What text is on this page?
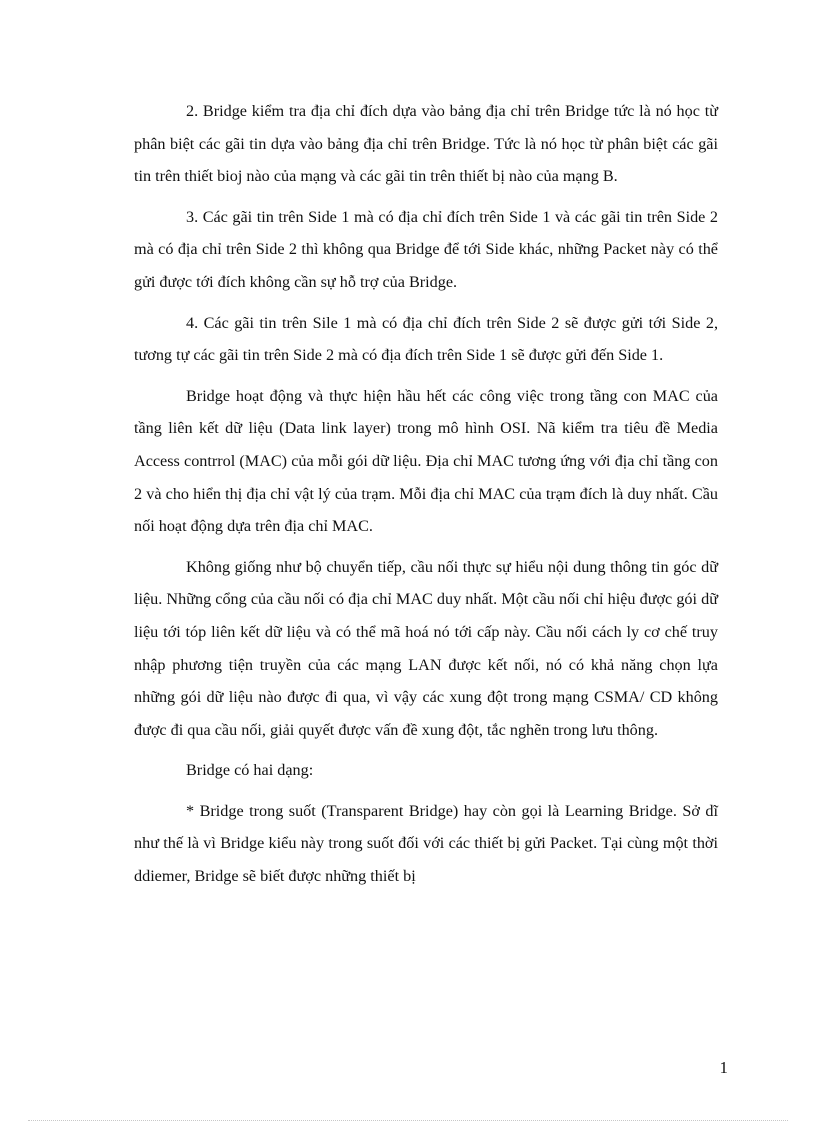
2. Bridge kiểm tra địa chỉ đích dựa vào bảng địa chỉ trên Bridge tức là nó học từ phân biệt các gãi tin dựa vào bảng địa chỉ trên Bridge. Tức là nó học từ phân biệt các gãi tin trên thiết bioj nào của mạng và các gãi tin trên thiết bị nào của mạng B.

3. Các gãi tin trên Side 1 mà có địa chỉ đích trên Side 1 và các gãi tin trên Side 2 mà có địa chỉ trên Side 2 thì không qua Bridge để tới Side khác, những Packet này có thể gửi được tới đích không cần sự hỗ trợ của Bridge.

4. Các gãi tin trên Sile 1 mà có địa chỉ đích trên Side 2 sẽ được gửi tới Side 2, tương tự các gãi tin trên Side 2 mà có địa đích trên Side 1 sẽ được gửi đến Side 1.

Bridge hoạt động và thực hiện hầu hết các công việc trong tầng con MAC của tầng liên kết dữ liệu (Data link layer) trong mô hình OSI. Nã kiểm tra tiêu đề Media Access contrrol (MAC) của mỗi gói dữ liệu. Địa chỉ MAC tương ứng với địa chỉ tầng con 2 và cho hiển thị địa chỉ vật lý của trạm. Mỗi địa chỉ MAC của trạm đích là duy nhất. Cầu nối hoạt động dựa trên địa chỉ MAC.

Không giống như bộ chuyển tiếp, cầu nối thực sự hiểu nội dung thông tin góc dữ liệu. Những cổng của cầu nối có địa chỉ MAC duy nhất. Một cầu nối chỉ hiệu được gói dữ liệu tới tóp liên kết dữ liệu và có thể mã hoá nó tới cấp này. Cầu nối cách ly cơ chế truy nhập phương tiện truyền của các mạng LAN được kết nối, nó có khả năng chọn lựa những gói dữ liệu nào được đi qua, vì vậy các xung đột trong mạng CSMA/ CD không được đi qua cầu nối, giải quyết được vấn đề xung đột, tắc nghẽn trong lưu thông.

Bridge có hai dạng:

* Bridge trong suốt (Transparent Bridge) hay còn gọi là Learning Bridge. Sở dĩ như thế là vì Bridge kiểu này trong suốt đối với các thiết bị gửi Packet. Tại cùng một thời ddiemer, Bridge sẽ biết được những thiết bị

1
